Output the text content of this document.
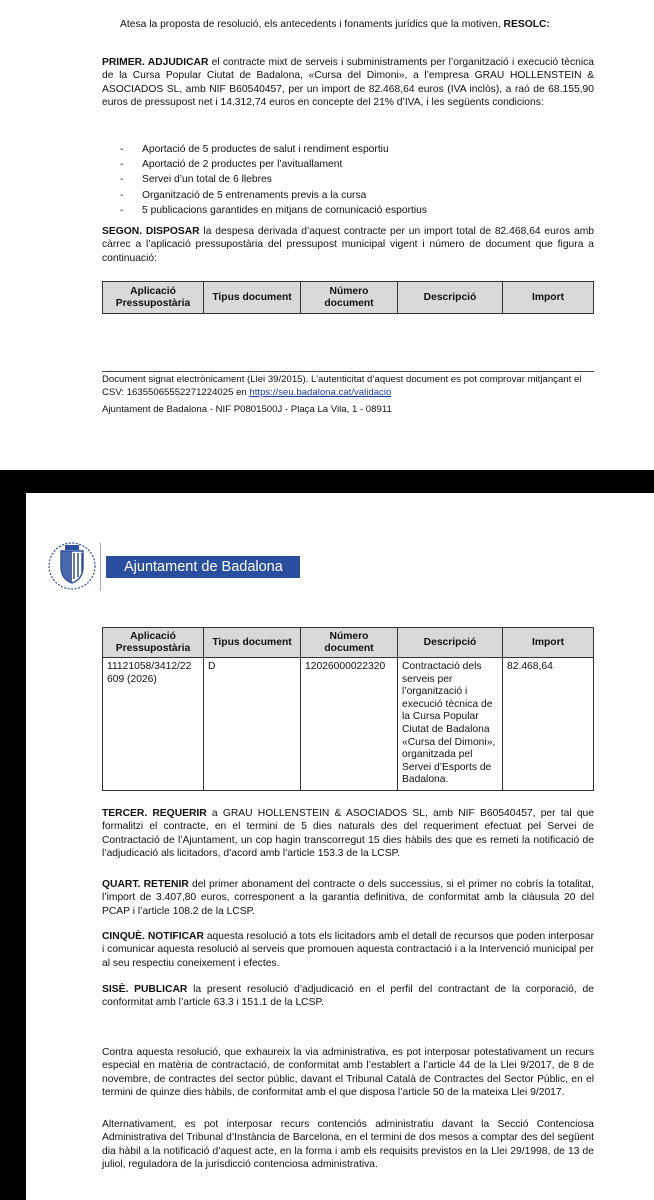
Atesa la proposta de resolució, els antecedents i fonaments jurídics que la motiven, RESOLC:

PRIMER. ADJUDICAR el contracte mixt de serveis i subministraments per l’organització i execució tècnica de la Cursa Popular Ciutat de Badalona, «Cursa del Dimoni», a l’empresa GRAU HOLLENSTEIN & ASOCIADOS SL, amb NIF B60540457, per un import de 82.468,64 euros (IVA inclòs), a raó de 68.155,90 euros de pressupost net i 14.312,74 euros en concepte del 21% d’IVA, i les següents condicions:

- Aportació de 5 productes de salut i rendiment esportiu
- Aportació de 2 productes per l’avituallament
- Servei d’un total de 6 llebres
- Organització de 5 entrenaments previs a la cursa
- 5 publicacions garantides en mitjans de comunicació esportius

SEGON. DISPOSAR la despesa derivada d’aquest contracte per un import total de 82.468,64 euros amb càrrec a l’aplicació pressupostària del pressupost municipal vigent i número de document que figura a continuació:

Aplicació Pressupostària	Tipus document	Número document	Descripció	Import
Document signat electrònicament (Llei 39/2015). L’autenticitat d’aquest document es pot comprovar mitjançant el
CSV: 16355065552271224025 en https://seu.badalona.cat/validacio
Ajuntament de Badalona - NIF P0801500J - Plaça La Vila, 1 - 08911
Ajuntament de Badalona
Aplicació Pressupostària	Tipus document	Número document	Descripció	Import
11121058/3412/22 609 (2026)	D	12026000022320	Contractació dels serveis per l’organització i execució tècnica de la Cursa Popular Ciutat de Badalona «Cursa del Dimoni», organitzada pel Servei d’Esports de Badalona.	82.468,64

TERCER. REQUERIR a GRAU HOLLENSTEIN & ASOCIADOS SL, amb NIF B60540457, per tal que formalitzi el contracte, en el termini de 5 dies naturals des del requeriment efectuat pel Servei de Contractació de l’Ajuntament, un cop hagin transcorregut 15 dies hàbils des que es remeti la notificació de l’adjudicació als licitadors, d’acord amb l’article 153.3 de la LCSP.

QUART. RETENIR del primer abonament del contracte o dels successius, si el primer no cobrís la totalitat, l’import de 3.407,80 euros, corresponent a la garantia definitiva, de conformitat amb la clàusula 20 del PCAP i l’article 108.2 de la LCSP.

CINQUÈ. NOTIFICAR aquesta resolució a tots els licitadors amb el detall de recursos que poden interposar i comunicar aquesta resolució al serveis que promouen aquesta contractació i a la Intervenció municipal per al seu respectiu coneixement i efectes.

SISÈ. PUBLICAR la present resolució d’adjudicació en el perfil del contractant de la corporació, de conformitat amb l’article 63.3 i 151.1 de la LCSP.

Contra aquesta resolució, que exhaureix la via administrativa, es pot interposar potestativament un recurs especial en matèria de contractació, de conformitat amb l’establert a l’article 44 de la Llei 9/2017, de 8 de novembre, de contractes del sector públic, davant el Tribunal Català de Contractes del Sector Públic, en el termini de quinze dies hàbils, de conformitat amb el que disposa l’article 50 de la mateixa Llei 9/2017.

Alternativament, es pot interposar recurs contenciós administratiu davant la Secció Contenciosa Administrativa del Tribunal d’Instància de Barcelona, en el termini de dos mesos a comptar des del següent dia hàbil a la notificació d’aquest acte, en la forma i amb els requisits previstos en la Llei 29/1998, de 13 de juliol, reguladora de la jurisdicció contenciosa administrativa.
